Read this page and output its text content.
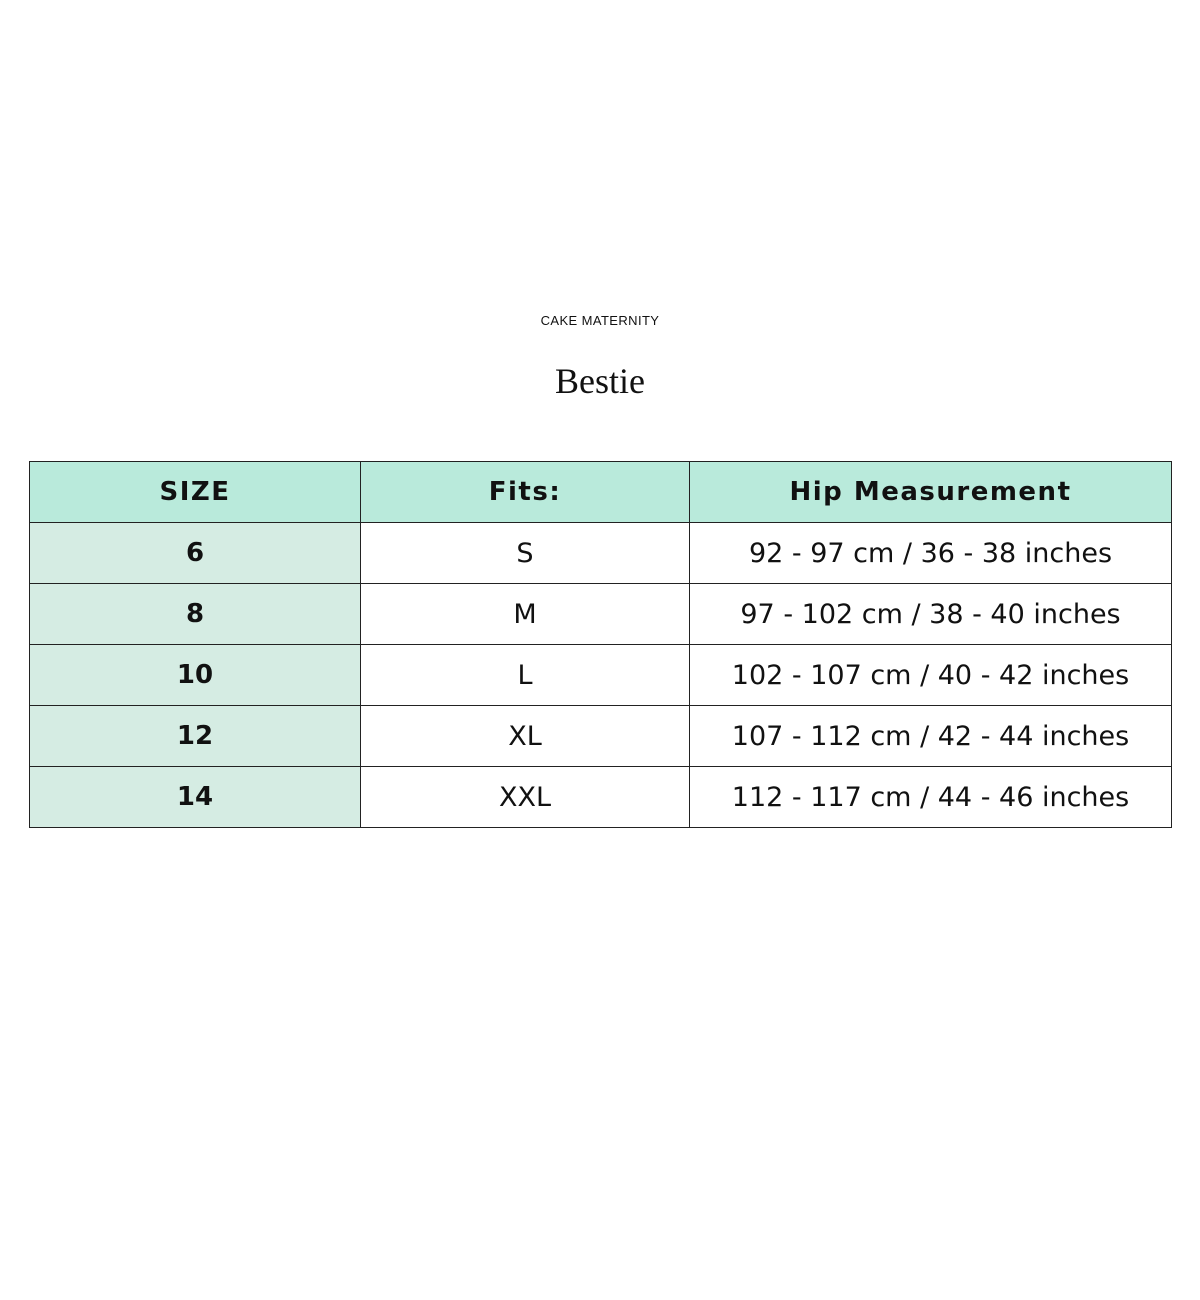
CAKE MATERNITY
Bestie
SIZE	Fits:	Hip Measurement
6	S	92 - 97 cm / 36 - 38 inches
8	M	97 - 102 cm / 38 - 40 inches
10	L	102 - 107 cm / 40 - 42 inches
12	XL	107 - 112 cm / 42 - 44 inches
14	XXL	112 - 117 cm / 44 - 46 inches
